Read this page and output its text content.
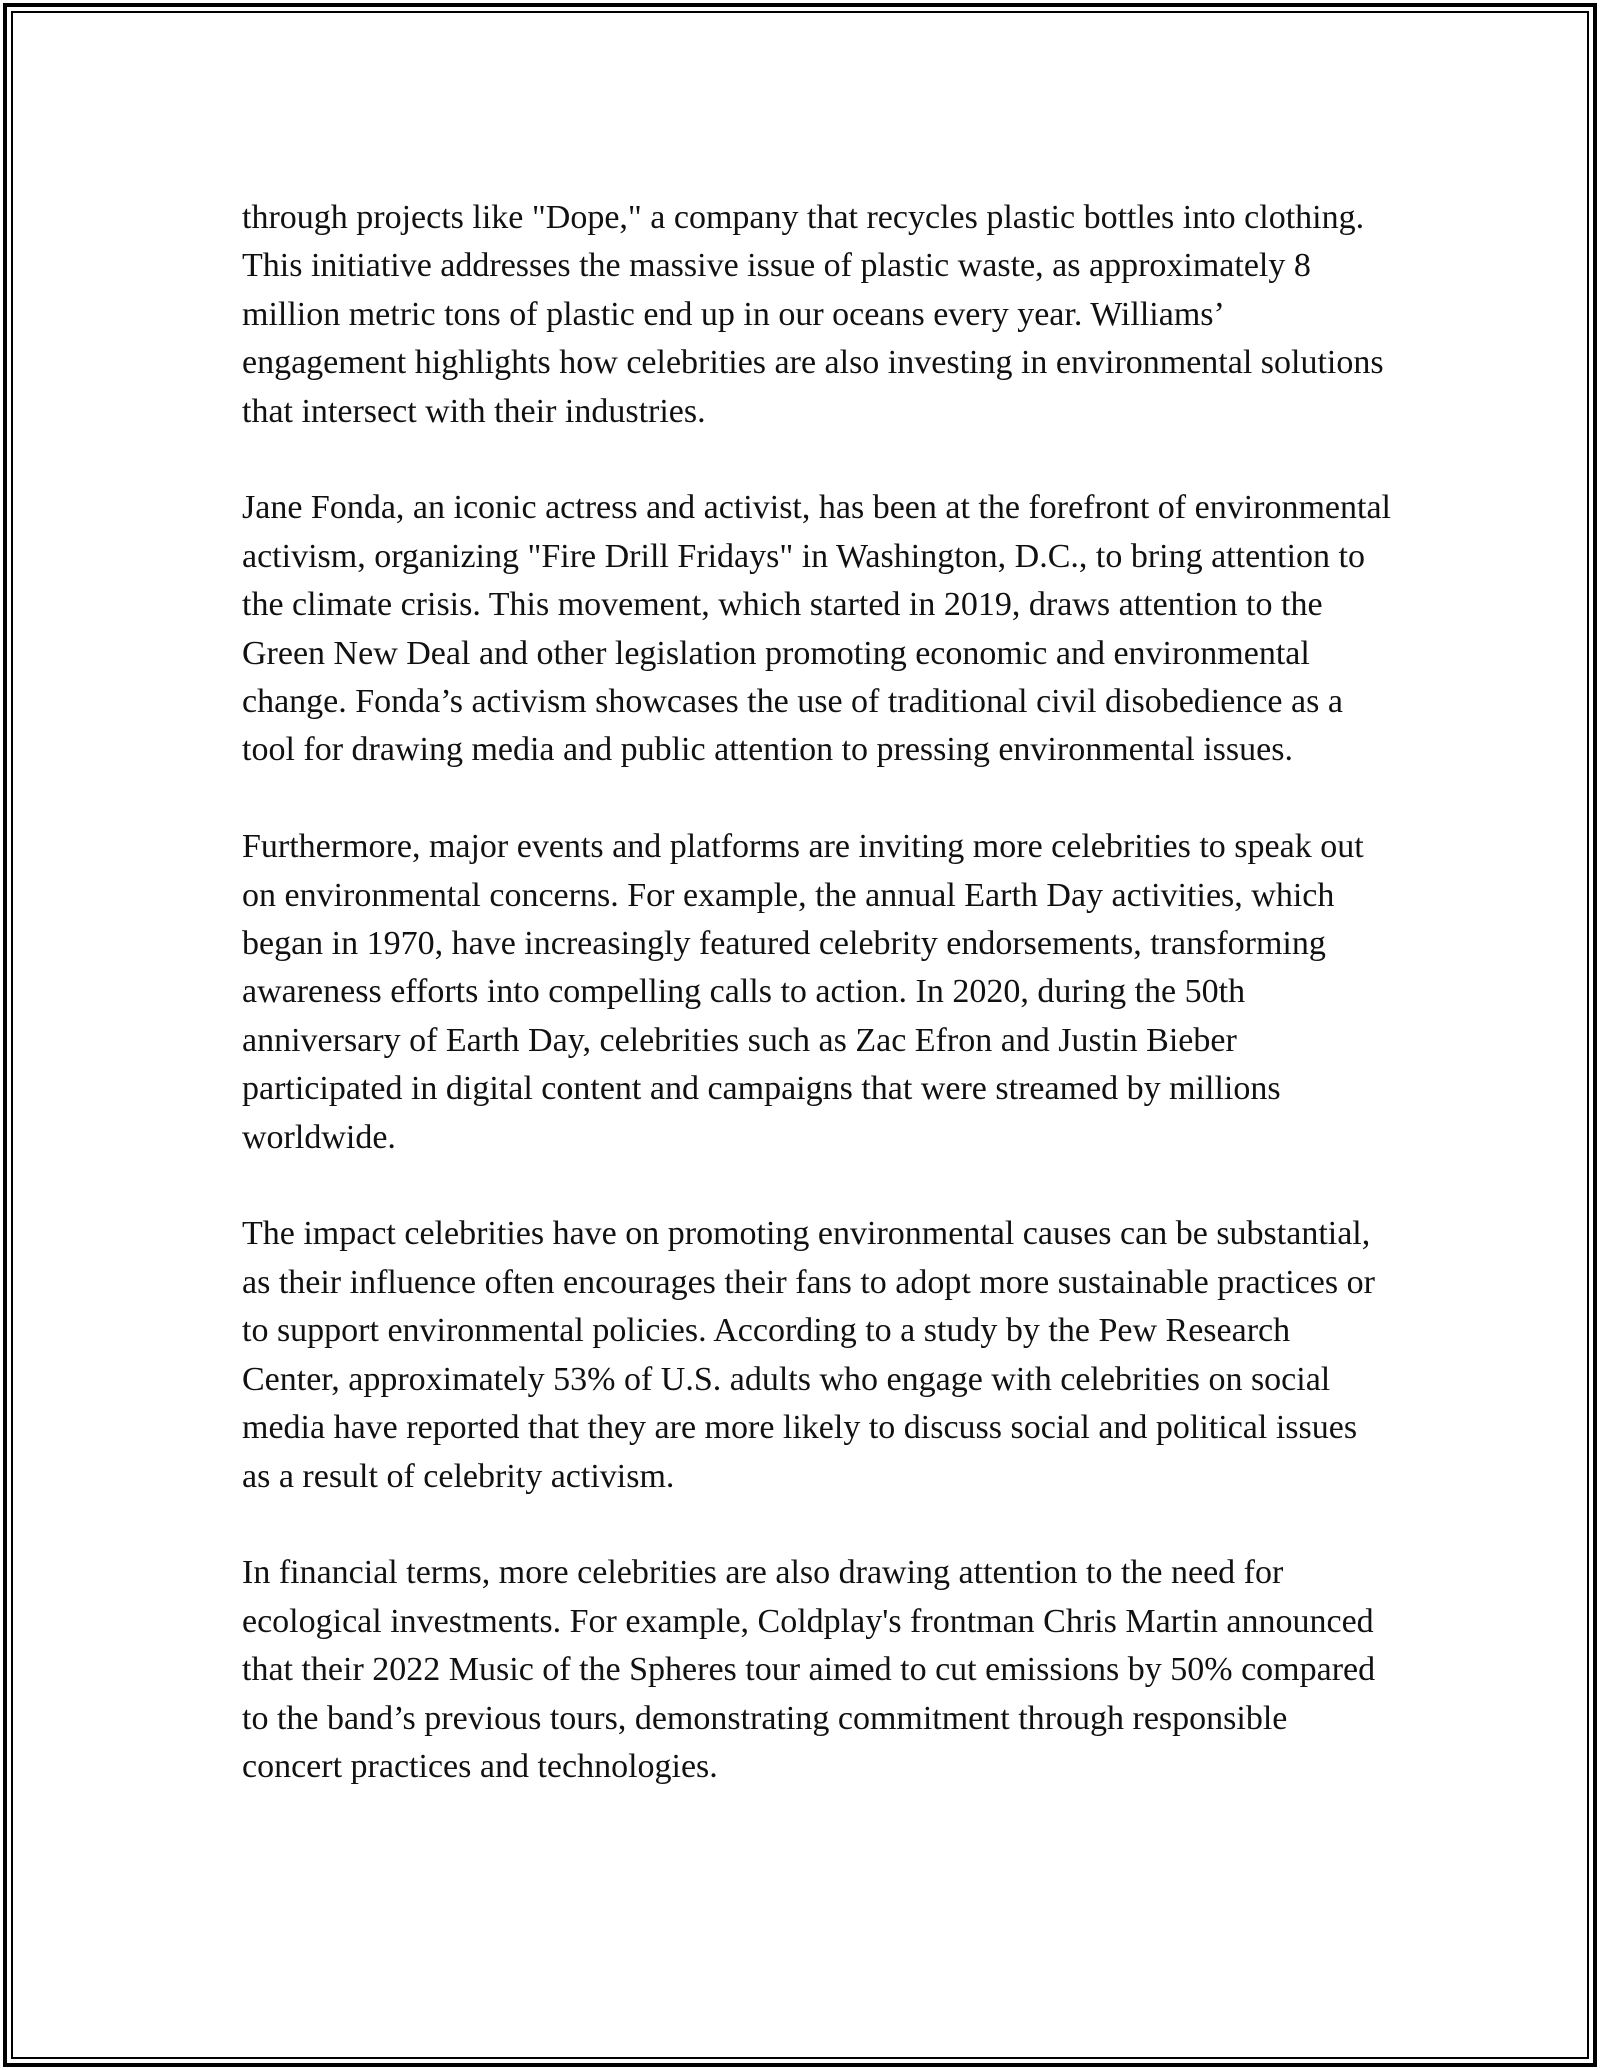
through projects like "Dope," a company that recycles plastic bottles into clothing. This initiative addresses the massive issue of plastic waste, as approximately 8 million metric tons of plastic end up in our oceans every year. Williams’ engagement highlights how celebrities are also investing in environmental solutions that intersect with their industries.

Jane Fonda, an iconic actress and activist, has been at the forefront of environmental activism, organizing "Fire Drill Fridays" in Washington, D.C., to bring attention to the climate crisis. This movement, which started in 2019, draws attention to the Green New Deal and other legislation promoting economic and environmental change. Fonda’s activism showcases the use of traditional civil disobedience as a tool for drawing media and public attention to pressing environmental issues.

Furthermore, major events and platforms are inviting more celebrities to speak out on environmental concerns. For example, the annual Earth Day activities, which began in 1970, have increasingly featured celebrity endorsements, transforming awareness efforts into compelling calls to action. In 2020, during the 50th anniversary of Earth Day, celebrities such as Zac Efron and Justin Bieber participated in digital content and campaigns that were streamed by millions worldwide.

The impact celebrities have on promoting environmental causes can be substantial, as their influence often encourages their fans to adopt more sustainable practices or to support environmental policies. According to a study by the Pew Research Center, approximately 53% of U.S. adults who engage with celebrities on social media have reported that they are more likely to discuss social and political issues as a result of celebrity activism.

In financial terms, more celebrities are also drawing attention to the need for ecological investments. For example, Coldplay's frontman Chris Martin announced that their 2022 Music of the Spheres tour aimed to cut emissions by 50% compared to the band’s previous tours, demonstrating commitment through responsible concert practices and technologies.
